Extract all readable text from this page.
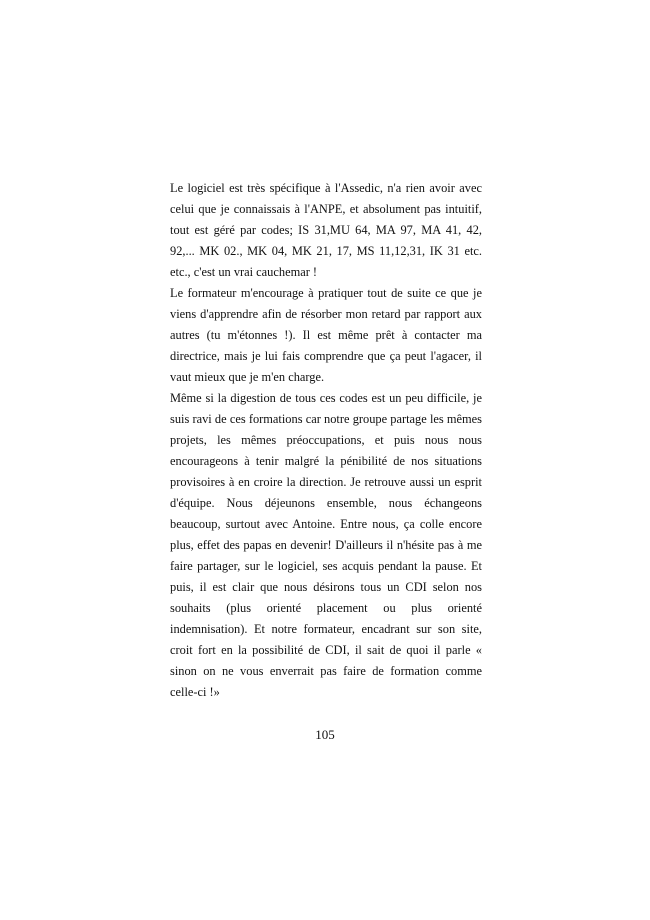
Le logiciel est très spécifique à l'Assedic, n'a rien avoir avec celui que je connaissais à l'ANPE, et absolument pas intuitif, tout est géré par codes; IS 31,MU 64, MA 97, MA 41, 42, 92,... MK 02., MK 04, MK 21, 17, MS 11,12,31, IK 31 etc. etc., c'est un vrai cauchemar !

Le formateur m'encourage à pratiquer tout de suite ce que je viens d'apprendre afin de résorber mon retard par rapport aux autres (tu m'étonnes !). Il est même prêt à contacter ma directrice, mais je lui fais comprendre que ça peut l'agacer, il vaut mieux que je m'en charge.

Même si la digestion de tous ces codes est un peu difficile, je suis ravi de ces formations car notre groupe partage les mêmes projets, les mêmes préoccupations, et puis nous nous encourageons à tenir malgré la pénibilité de nos situations provisoires à en croire la direction. Je retrouve aussi un esprit d'équipe. Nous déjeunons ensemble, nous échangeons beaucoup, surtout avec Antoine. Entre nous, ça colle encore plus, effet des papas en devenir! D'ailleurs il n'hésite pas à me faire partager, sur le logiciel, ses acquis pendant la pause. Et puis, il est clair que nous désirons tous un CDI selon nos souhaits (plus orienté placement ou plus orienté indemnisation). Et notre formateur, encadrant sur son site, croit fort en la possibilité de CDI, il sait de quoi il parle « sinon on ne vous enverrait pas faire de formation comme celle-ci !»

105
